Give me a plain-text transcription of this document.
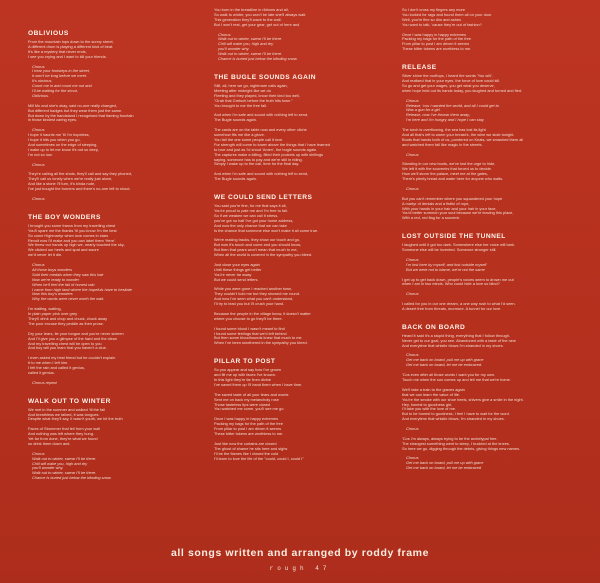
OBLIVIOUS
From the mountain tops down to the sunny street,
A different drum is playing a different kind of beat.
It's like a mystery that never ends,
I see you crying and I want to kill your friends.
Chorus
I hear your footsteps in the street,
It won't be long before we meet.
It's obvious,
Count me in and count me out and
I'll be waiting for the shout,
Oblivious.
Mill Mo and she's okay, said no-one really changed,
But different badges but they wear them just the same.
But down by the bandstand I recognised that flaming fountain
in those kindest caring eyes.
Chorus
I hope it haunts me 'til I'm hopeless,
I hope it hits you when you go,
And sometimes on the edge of sleeping,
I wake up to let me know it's not so deep,
I'm not so low.
Chorus
They're calling all the shots, they'll call and say they phoned,
They'll call us lonely when we're really just alone,
And like a stone I'll turn, it's kinda rude,
I've just bought the burners and there's no-one left to shoot.
Chorus
THE BOY WONDERS
I brought you some francs from my travelling chest
You'll spare me the thanks 'til you know I'm the best
So come Highmartyr when love comes in stars
Revolt now I'll make and you can label them 'Here'.
We threw our hands up high we, nearly touched the sky,
We clicked our heels and spat and swore
we'd never let it die.
Chorus
All those boys wonders
Sold their medals when they saw this hair
Now we're ready to wonder
When he'll feel the fall of honest rain
I came from high land where the hopefuls have to hesitate
Now this boy's wonders
Why the words were never worth the wait.
I'm waiting, waiting,
In plain paper pink over grey
They'll drink and chop and chuck, chuck away
The poor excuse they peddle as their prose.
Dry your tears, tie your tongue and you're never sixteen
And I'll give you a glimpse of the hard and the clean
And my travelling chest will be open to you
And boy will you learn that you haven't a clue.
I even asked my best friend but he couldn't explain
It to me when I left him.
I felt the rain and called it genius,
called it genius.
Chorus repeat
WALK OUT TO WINTER
We met in the summer and walked 'til the fall
And breathless we talked, it was tongues.
Despite what they'll say, it wasn't youth, we hit the truth
Faces of Strummer that fell from your wall
And nothing was left where they hung.
Yet far from done, they're what we found
so drink them down and.
Chorus
Walk out to winter, swear I'll be there.
Chill will wake you, high and dry
you'll wonder why.
Walk out to winter, swear I'll be there.
Chance is buried just below the blinding snow.
You burn in the breadline in ribbons and all,
So walk to winter, you won't be late she'll always wait.
This generation they'll wave to the wall.
But I won't rest, get your gear, get out of here and
Chorus
Walk out to winter, swear I'll be there.
Chill will wake you, high and dry
you'll wonder why.
Walk out to winter, swear I'll be there.
Chance is buried just below the blinding snow.
THE BUGLE SOUNDS AGAIN
Still, all, here we go, nightmare calls again,
Meeting after midnight like we do
Fleeting and they played, know their kind too well,
"Grab that Gretsch before the truth hits town."
You brought to me the free fall.
And when I'm safe and sound with nothing left to send,
The Bugle sounds again.
The cards are on the table now and every other cliche
somehow fits me like a glove.
You fall the one some people call it love.
For strength will come to tower above the things that I have learned
to love and just as I'd shout 'Amen', the bugle sounds again.
The captures make a killing, filled their pockets up with shillings
saying, someone has to pay and we're still in riding.
Simply I wake up to the call, time for the final day.
And when I'm safe and sound with nothing left to send,
The Bugle sounds again.
WE COULD SEND LETTERS
You said you're fine, for me that says it all,
You're proud to pale me and I'm free to fall.
So if we weaken we can call it stress,
you've got no half I've got your home address,
And now the only chance that we can take
Is the chance that someone else won't make it all come true.
We're making tracks, they show our touch and go,
But now it's touch and come and you should know,
But then that years won't mean that much to me,
When all the world is covered in the sympathy you bleed.
Just close your eyes again
Until these things get better
You're never far away
But we could send letters.
While you were gone I reached another town,
They couldn't hold me but they showed me round.
And now I've seen what you can't understand,
I'll try to lead you but I'll crush your hand.
Because the people in the village know, it doesn't matter
where you choose to go they'll be there.
I found some blood I wasn't meant to find
I found some feelings that we'd left behind
But then some bloodhounds knew that much to me
When I've been smothered in the sympathy you bleed.
PILLAR TO POST
So you appear and say how I've grown
and fill me up with faces I've known.
In this light they're far from divine
I've saved them up I'll hand them when I have time.
The saved taste of all your tears and words
Sent me on back my melancholy rose
Those tasteless tips were closed
You watched me come, you'll see me go.
Once I was happy in happy extremes
Packing my bags for the path of the free
From pillar to post I am driven it seems
These bitter tokens are worthless to me.
Just like now the curtains are closed
The ghost of shame he sits here and sighs
I'll be the flames like I closed the cold
I'll learn to love the life of the "could, could I, could I"
So I don't cross my fingers any more
You looked for rags and found them all on your door
Well, you're fine so dim and ashes
You want to talk, 'cause they're out of fashion?
Once I was happy in happy extremes
Packing my bags for the path of the free
From pillar to post I am driven it seems
These bitter tokens are worthless to me.
RELEASE
Silver shine the rooftops, I heard the words 'You will',
And realised that in your eyes, the force of love could kill.
So go and get your wages, you get what you deserve,
when hope held out its hands today, you laughed and turned and fled.
Chorus
Release, 'cos I wanted the world, and all I could get to
Was a gun for a girl.
Release, now I've thrown them away,
I'm here and I'm hungry and I hope I can stay
The torch is overflowing, the sea has lost its light
And all that's left to warm your breast's, the wine we stole tonight.
Boots that hands both of us, pondered on Keats, we smashed them all
and watched them fall like magic in the streets.
Chorus
Standing in our new boots, we've lost the urge to hide,
We left it with the souvenirs that forced us to decide.
How we'll storm the palace, meet me at the gates,
There's plenty bread and water here for anyone who waits.
Chorus
But you can't remember where you squandered your hope
A martyr of denials and a fistful of rope,
With your hands in your hair and your hair in your face,
You'd better summon your soul because we're leaving this place,
With a red, red flag for a souvenir.
LOST OUTSIDE THE TUNNEL
I laughed until it got too dark. Somewhere else her voice will bark.
Someone else will be invented. Someone stronger still.
Chorus
I'm lost here by myself, and lost outside myself
But we were not to blame, we're not the same
I get up to get back down, people's voices seem to drown me out
when I am in two minds. Who could hide a love so blind?
Chorus
I called for you in our one dream, a one way rush to what I'd seen.
A desert free from threats, murmure. A tunnel for our love.
BACK ON BOARD
Heard it said it's a stupid thing, everything that I follow through.
Never get to our goal, you see. Abandoned with a taste of the new
And everytime that whistle blows I'm stranded in my shoes.
Chorus
Get me back on board, pull me up with grace
Get me back on board, let me be embraced.
'Cos even after all those words I want you for my own.
Touch me when the sun comes up and tell me that we're home.
We'll take a train to the graves again
that we can learn the value of life.
You're the smoke with our shoe heels, shivers give a smile in the night.
Hey, honest to goodness girl,
I'll take you with the love of me.
But to be honest to goodness, I feel I have to wait for the word.
And everytime that whistle blows, I'm stranded in my shoes.
Chorus
'Cos I'm always, always trying to be the archetypal free.
The strangest something went to sleep, I buckled at the knees.
So here we go, digging through the debris, giving things new names.
Chorus
Get me back on board, pull me up with grace
Get me back on board, let me be embraced
all songs written and arranged by roddy frame
rough 47
